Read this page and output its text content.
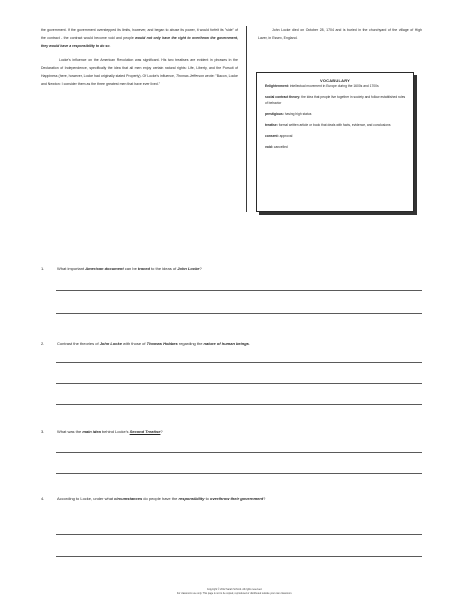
the government. If the government overstepped its limits, however, and began to abuse its power, it would forfeit its "side" of the contract - the contract would become void and people would not only have the right to overthrow the government, they would have a responsibility to do so.

Locke's influence on the American Revolution was significant. His two treatises are evident in phrases in the Declaration of Independence, specifically the idea that all men enjoy certain natural rights: Life, Liberty, and the Pursuit of Happiness (here, however, Locke had originally stated Property). Of Locke's influence, Thomas Jefferson wrote: "Bacon, Locke and Newton: I consider them as the three greatest men that have ever lived."

John Locke died on October 28, 1704 and is buried in the churchyard of the village of High Laver, in Essex, England.

VOCABULARY
Enlightenment: intellectual movement in Europe during the 1600s and 1700s
social contract theory: the idea that people live together in society and follow established rules of behavior
prestigious: having high status
treatise: formal written article or book that deals with facts, evidence, and conclusions
consent: approval
void: cancelled
1.	What important American document can be traced to the ideas of John Locke?
2.	Contrast the theories of John Locke with those of Thomas Hobbes regarding the nature of human beings.
3.	What was the main idea behind Locke's Second Treatise?
4.	According to Locke, under what circumstances do people have the responsibility to overthrow their government?
Copyright © 2012 Sarah Schmitt. All rights reserved.
For classroom use only. This page is not to be copied, reproduced or distributed outside your own classroom.
